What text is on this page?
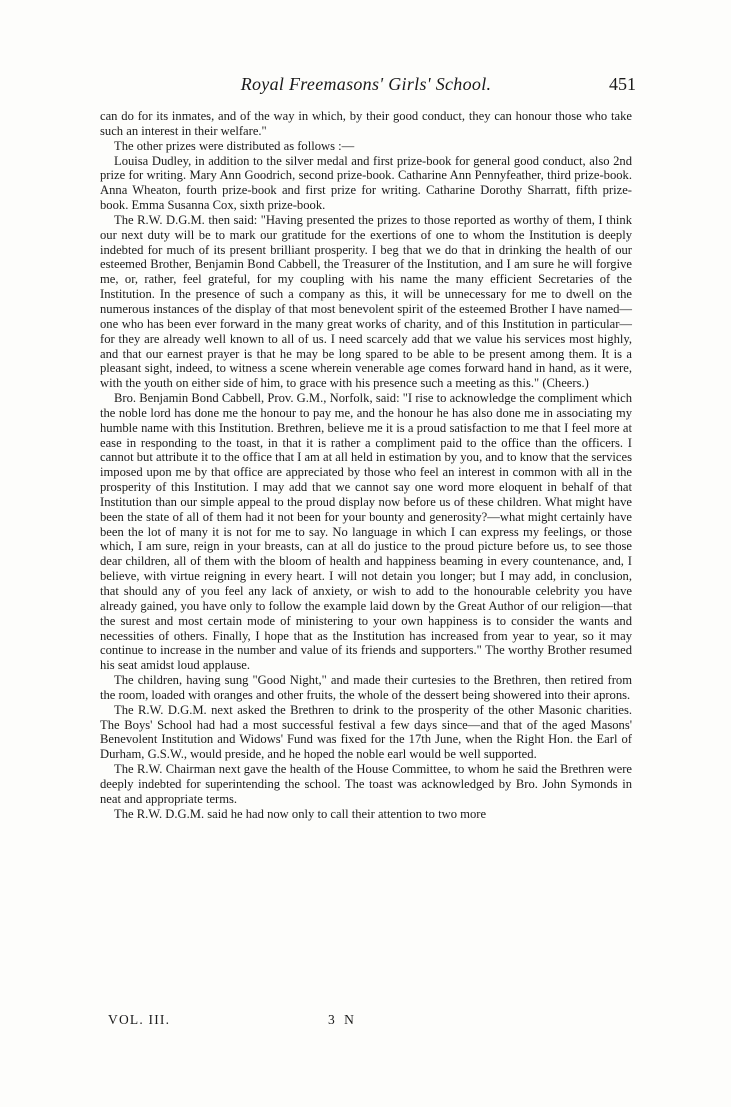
Royal Freemasons' Girls' School.	451

can do for its inmates, and of the way in which, by their good conduct, they can honour those who take such an interest in their welfare."

The other prizes were distributed as follows :—

Louisa Dudley, in addition to the silver medal and first prize-book for general good conduct, also 2nd prize for writing. Mary Ann Goodrich, second prize-book. Catharine Ann Pennyfeather, third prize-book. Anna Wheaton, fourth prize-book and first prize for writing. Catharine Dorothy Sharratt, fifth prize-book. Emma Susanna Cox, sixth prize-book.

The R.W. D.G.M. then said: "Having presented the prizes to those reported as worthy of them, I think our next duty will be to mark our gratitude for the exertions of one to whom the Institution is deeply indebted for much of its present brilliant prosperity. I beg that we do that in drinking the health of our esteemed Brother, Benjamin Bond Cabbell, the Treasurer of the Institution, and I am sure he will forgive me, or, rather, feel grateful, for my coupling with his name the many efficient Secretaries of the Institution. In the presence of such a company as this, it will be unnecessary for me to dwell on the numerous instances of the display of that most benevolent spirit of the esteemed Brother I have named—one who has been ever forward in the many great works of charity, and of this Institution in particular—for they are already well known to all of us. I need scarcely add that we value his services most highly, and that our earnest prayer is that he may be long spared to be able to be present among them. It is a pleasant sight, indeed, to witness a scene wherein venerable age comes forward hand in hand, as it were, with the youth on either side of him, to grace with his presence such a meeting as this." (Cheers.)

Bro. Benjamin Bond Cabbell, Prov. G.M., Norfolk, said: "I rise to acknowledge the compliment which the noble lord has done me the honour to pay me, and the honour he has also done me in associating my humble name with this Institution. Brethren, believe me it is a proud satisfaction to me that I feel more at ease in responding to the toast, in that it is rather a compliment paid to the office than the officers. I cannot but attribute it to the office that I am at all held in estimation by you, and to know that the services imposed upon me by that office are appreciated by those who feel an interest in common with all in the prosperity of this Institution. I may add that we cannot say one word more eloquent in behalf of that Institution than our simple appeal to the proud display now before us of these children. What might have been the state of all of them had it not been for your bounty and generosity?—what might certainly have been the lot of many it is not for me to say. No language in which I can express my feelings, or those which, I am sure, reign in your breasts, can at all do justice to the proud picture before us, to see those dear children, all of them with the bloom of health and happiness beaming in every countenance, and, I believe, with virtue reigning in every heart. I will not detain you longer; but I may add, in conclusion, that should any of you feel any lack of anxiety, or wish to add to the honourable celebrity you have already gained, you have only to follow the example laid down by the Great Author of our religion—that the surest and most certain mode of ministering to your own happiness is to consider the wants and necessities of others. Finally, I hope that as the Institution has increased from year to year, so it may continue to increase in the number and value of its friends and supporters." The worthy Brother resumed his seat amidst loud applause.

The children, having sung "Good Night," and made their curtesies to the Brethren, then retired from the room, loaded with oranges and other fruits, the whole of the dessert being showered into their aprons.

The R.W. D.G.M. next asked the Brethren to drink to the prosperity of the other Masonic charities. The Boys' School had had a most successful festival a few days since—and that of the aged Masons' Benevolent Institution and Widows' Fund was fixed for the 17th June, when the Right Hon. the Earl of Durham, G.S.W., would preside, and he hoped the noble earl would be well supported.

The R.W. Chairman next gave the health of the House Committee, to whom he said the Brethren were deeply indebted for superintending the school. The toast was acknowledged by Bro. John Symonds in neat and appropriate terms.

The R.W. D.G.M. said he had now only to call their attention to two more

VOL. III.	3 N
